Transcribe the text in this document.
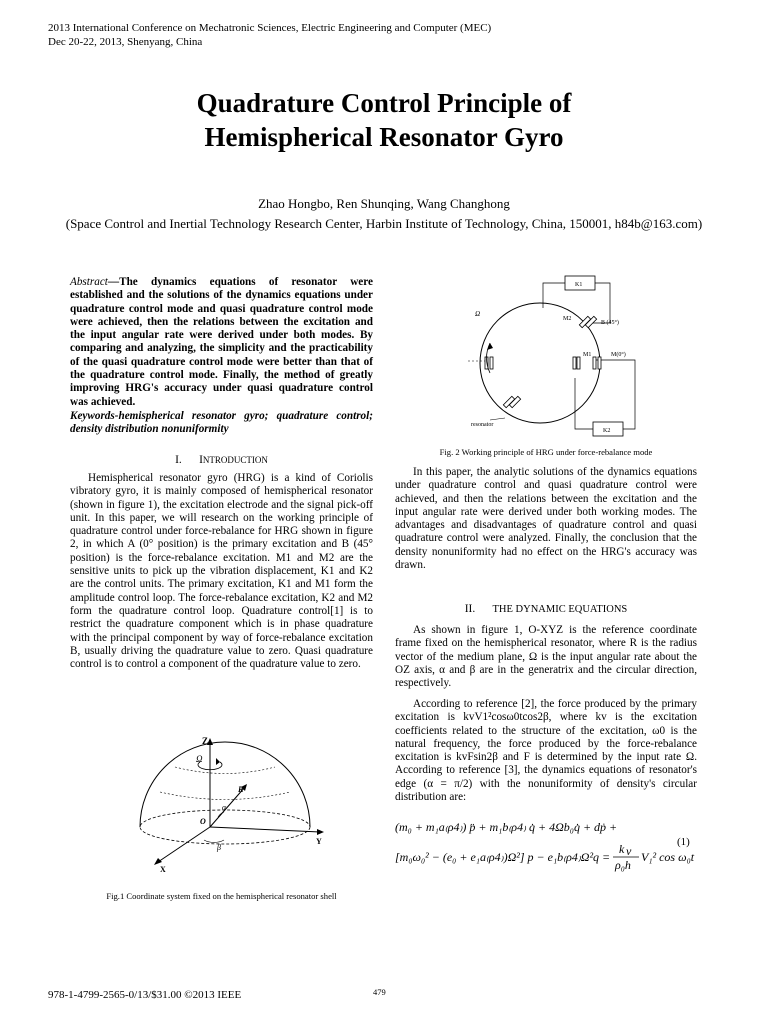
2013 International Conference on Mechatronic Sciences, Electric Engineering and Computer (MEC)
Dec 20-22, 2013, Shenyang, China
Quadrature Control Principle of
Hemispherical Resonator Gyro
Zhao Hongbo, Ren Shunqing, Wang Changhong
(Space Control and Inertial Technology Research Center, Harbin Institute of Technology, China, 150001, h84b@163.com)
Abstract—The dynamics equations of resonator were established and the solutions of the dynamics equations under quadrature control mode and quasi quadrature control mode were achieved, then the relations between the excitation and the input angular rate were derived under both modes. By comparing and analyzing, the simplicity and the practicability of the quasi quadrature control mode were better than that of the quadrature control mode. Finally, the method of greatly improving HRG's accuracy under quasi quadrature control was achieved.
Keywords-hemispherical resonator gyro; quadrature control; density distribution nonuniformity
I. INTRODUCTION

Hemispherical resonator gyro (HRG) is a kind of Coriolis vibratory gyro, it is mainly composed of hemispherical resonator (shown in figure 1), the excitation electrode and the signal pick-off unit. In this paper, we will research on the working principle of quadrature control under force-rebalance for HRG shown in figure 2, in which A (0° position) is the primary excitation and B (45° position) is the force-rebalance excitation. M1 and M2 are the sensitive units to pick up the vibration displacement, K1 and K2 are the control units. The primary excitation, K1 and M1 form the amplitude control loop. The force-rebalance excitation, K2 and M2 form the quadrature control loop. Quadrature control[1] is to restrict the quadrature component which is in phase quadrature with the principal component by way of force-rebalance excitation B, usually driving the quadrature value to zero. Quasi quadrature control is to control a component of the quadrature value to zero.

Z
Ω
R
α
O
β
Y
X
Fig.1 Coordinate system fixed on the hemispherical resonator shell
K1
K2
Ω
M2
B (45°)
M1	M(0°)
resonator
Fig. 2 Working principle of HRG under force-rebalance mode

In this paper, the analytic solutions of the dynamics equations under quadrature control and quasi quadrature control were achieved, and then the relations between the excitation and the input angular rate were derived under both working modes. The advantages and disadvantages of quadrature control and quasi quadrature control were analyzed. Finally, the conclusion that the density nonuniformity had no effect on the HRG's accuracy was drawn.

II. THE DYNAMIC EQUATIONS

As shown in figure 1, O-XYZ is the reference coordinate frame fixed on the hemispherical resonator, where R is the radius vector of the medium plane, Ω is the input angular rate about the OZ axis, α and β are in the generatrix and the circular direction, respectively.

According to reference [2], the force produced by the primary excitation is kvV1²cosω0tcos2β, where kv is the excitation coefficients related to the structure of the excitation, ω0 is the natural frequency, the force produced by the force-rebalance excitation is kvFsin2β and F is determined by the input rate Ω. According to reference [3], the dynamics equations of resonator's edge (α = π/2) with the nonuniformity of density's circular distribution are:

(m₀ + m₁a₍ρ4₎) p̈ + m₁b₍ρ4₎ q̇ + 4Ωb₀q̇ + dṗ +
[m₀ω₀² − (e₀ + e₁a₍ρ4₎)Ω²] p − e₁b₍ρ4₎Ω²q =
k v
ρ₀h
V₁² cos ω₀t
(1)
978-1-4799-2565-0/13/$31.00 ©2013 IEEE	479
